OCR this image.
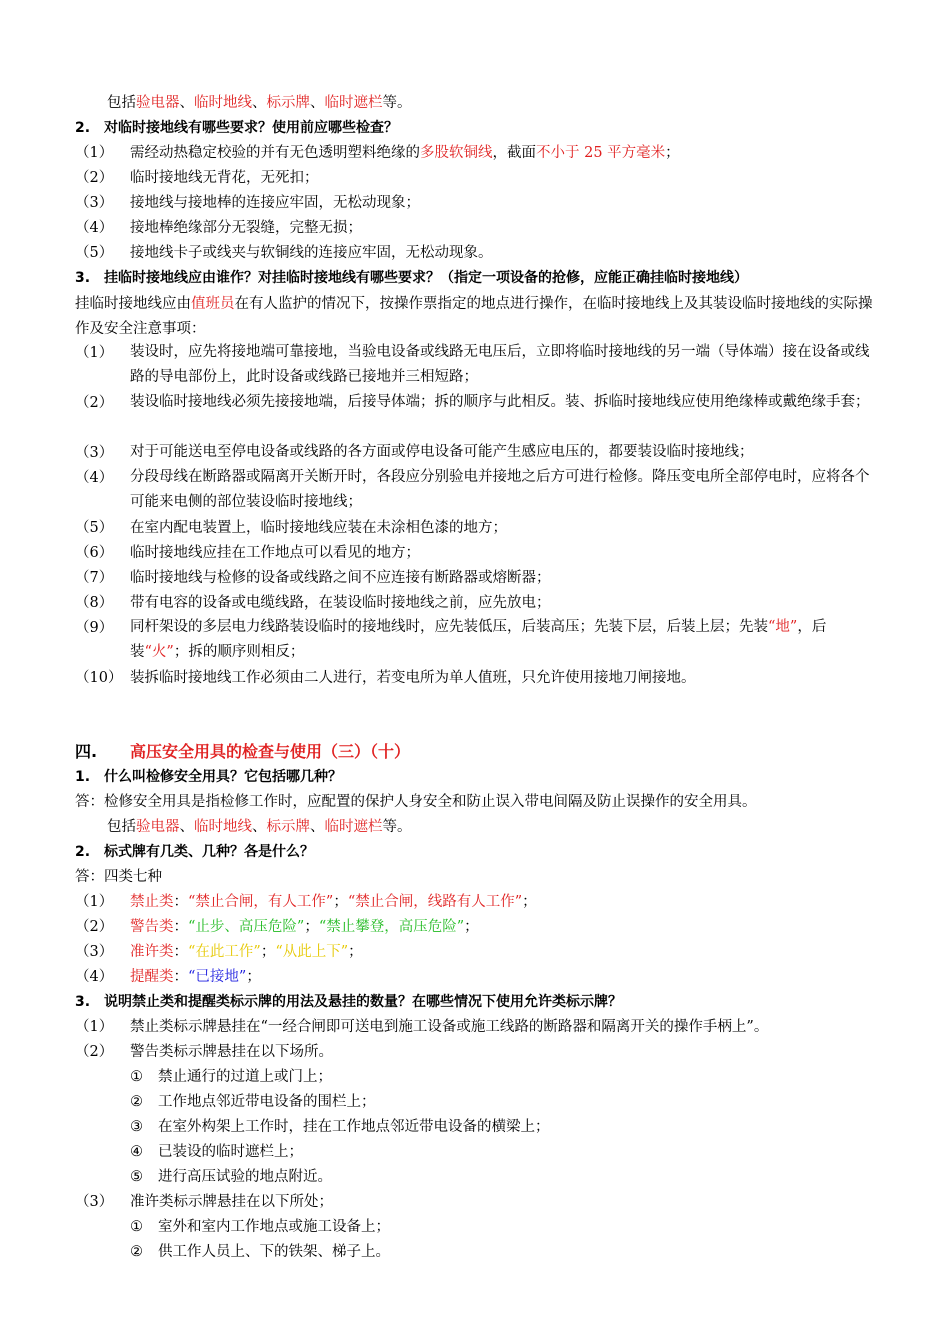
包括验电器、临时地线、标示牌、临时遮栏等。
2.　对临时接地线有哪些要求？使用前应哪些检查？
（1） 需经动热稳定校验的并有无色透明塑料绝缘的多股软铜线，截面不小于 25 平方毫米；
（2） 临时接地线无背花，无死扣；
（3） 接地线与接地棒的连接应牢固，无松动现象；
（4） 接地棒绝缘部分无裂缝，完整无损；
（5） 接地线卡子或线夹与软铜线的连接应牢固，无松动现象。
3.　挂临时接地线应由谁作？对挂临时接地线有哪些要求？（指定一项设备的抢修，应能正确挂临时接地线）
挂临时接地线应由值班员在有人监护的情况下，按操作票指定的地点进行操作，在临时接地线上及其装设临时接地线的实际操作及安全注意事项：
（1）	装设时，应先将接地端可靠接地，当验电设备或线路无电压后，立即将临时接地线的另一端（导体端）接在设备或线路的导电部份上，此时设备或线路已接地并三相短路；
（2）	装设临时接地线必须先接接地端，后接导体端；拆的顺序与此相反。装、拆临时接地线应使用绝缘棒或戴绝缘手套；
（3）	对于可能送电至停电设备或线路的各方面或停电设备可能产生感应电压的，都要装设临时接地线；
（4）	分段母线在断路器或隔离开关断开时，各段应分别验电并接地之后方可进行检修。降压变电所全部停电时，应将各个可能来电侧的部位装设临时接地线；
（5） 在室内配电装置上，临时接地线应装在未涂相色漆的地方；
（6） 临时接地线应挂在工作地点可以看见的地方；
（7） 临时接地线与检修的设备或线路之间不应连接有断路器或熔断器；
（8） 带有电容的设备或电缆线路，在装设临时接地线之前，应先放电；
（9）	同杆架设的多层电力线路装设临时的接地线时，应先装低压，后装高压；先装下层，后装上层；先装“地”，后装“火”；拆的顺序则相反；
（10） 装拆临时接地线工作必须由二人进行，若变电所为单人值班，只允许使用接地刀闸接地。
四. 高压安全用具的检查与使用（三）（十）
1.　什么叫检修安全用具？它包括哪几种？
答：检修安全用具是指检修工作时，应配置的保护人身安全和防止误入带电间隔及防止误操作的安全用具。
包括验电器、临时地线、标示牌、临时遮栏等。
2.　标式牌有几类、几种？各是什么？
答：四类七种
（1） 禁止类：“禁止合闸，有人工作”；“禁止合闸，线路有人工作”；
（2） 警告类：“止步、高压危险”；“禁止攀登，高压危险”；
（3） 准许类：“在此工作”；“从此上下”；
（4） 提醒类：“已接地”；
3.　说明禁止类和提醒类标示牌的用法及悬挂的数量？在哪些情况下使用允许类标示牌？
（1） 禁止类标示牌悬挂在“一经合闸即可送电到施工设备或施工线路的断路器和隔离开关的操作手柄上”。
（2） 警告类标示牌悬挂在以下场所。
① 禁止通行的过道上或门上；
② 工作地点邻近带电设备的围栏上；
③ 在室外构架上工作时，挂在工作地点邻近带电设备的横梁上；
④ 已装设的临时遮栏上；
⑤ 进行高压试验的地点附近。
（3） 准许类标示牌悬挂在以下所处；
① 室外和室内工作地点或施工设备上；
② 供工作人员上、下的铁架、梯子上。
